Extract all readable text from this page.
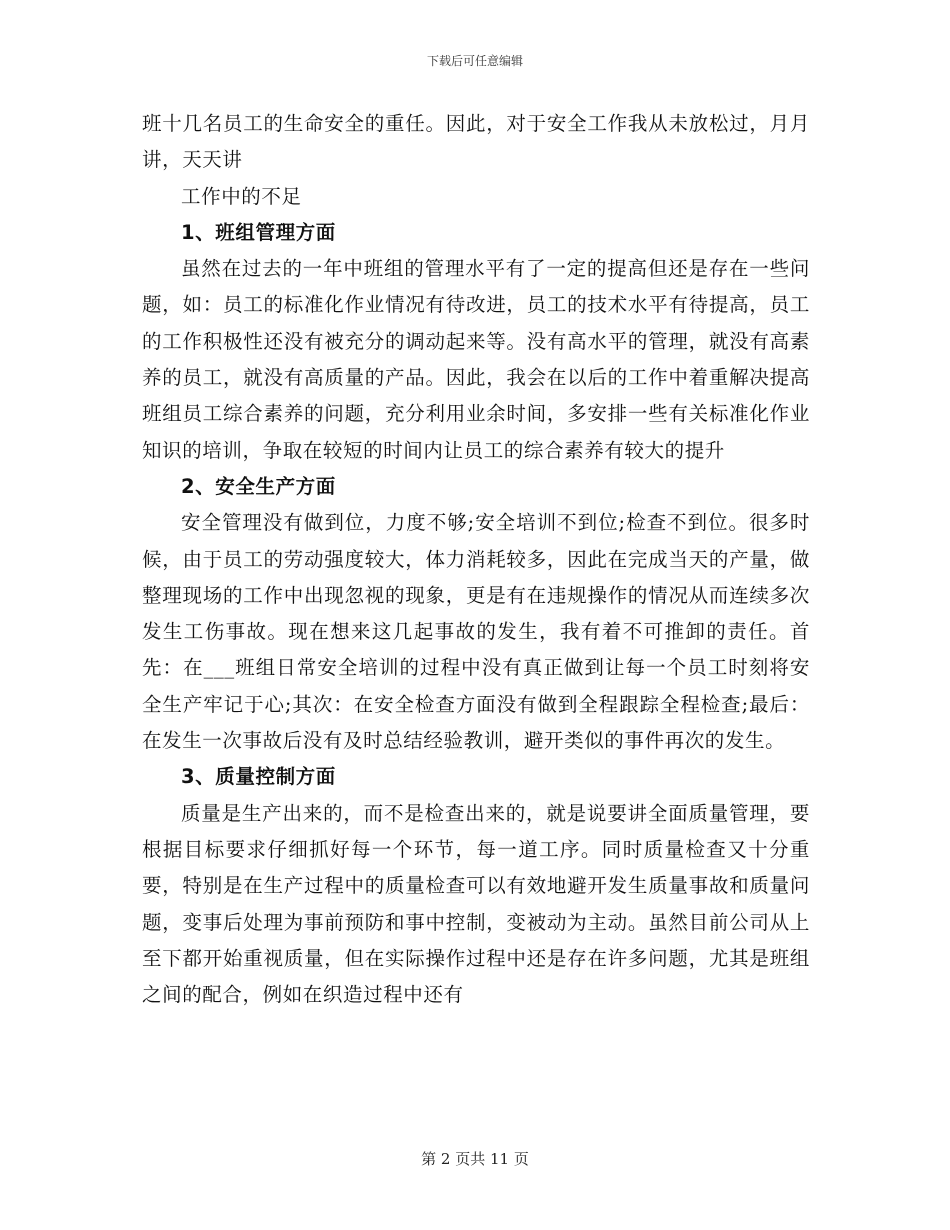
下载后可任意编辑

班十几名员工的生命安全的重任。因此，对于安全工作我从未放松过，月月讲，天天讲

工作中的不足

1、班组管理方面

虽然在过去的一年中班组的管理水平有了一定的提高但还是存在一些问题，如：员工的标准化作业情况有待改进，员工的技术水平有待提高，员工的工作积极性还没有被充分的调动起来等。没有高水平的管理，就没有高素养的员工，就没有高质量的产品。因此，我会在以后的工作中着重解决提高班组员工综合素养的问题，充分利用业余时间，多安排一些有关标准化作业知识的培训，争取在较短的时间内让员工的综合素养有较大的提升

2、安全生产方面

安全管理没有做到位，力度不够;安全培训不到位;检查不到位。很多时候，由于员工的劳动强度较大，体力消耗较多，因此在完成当天的产量，做整理现场的工作中出现忽视的现象，更是有在违规操作的情况从而连续多次发生工伤事故。现在想来这几起事故的发生，我有着不可推卸的责任。首先：在___班组日常安全培训的过程中没有真正做到让每一个员工时刻将安全生产牢记于心;其次：在安全检查方面没有做到全程跟踪全程检查;最后：在发生一次事故后没有及时总结经验教训，避开类似的事件再次的发生。

3、质量控制方面

质量是生产出来的，而不是检查出来的，就是说要讲全面质量管理，要根据目标要求仔细抓好每一个环节，每一道工序。同时质量检查又十分重要，特别是在生产过程中的质量检查可以有效地避开发生质量事故和质量问题，变事后处理为事前预防和事中控制，变被动为主动。虽然目前公司从上至下都开始重视质量，但在实际操作过程中还是存在许多问题，尤其是班组之间的配合，例如在织造过程中还有

第 2 页共 11 页
